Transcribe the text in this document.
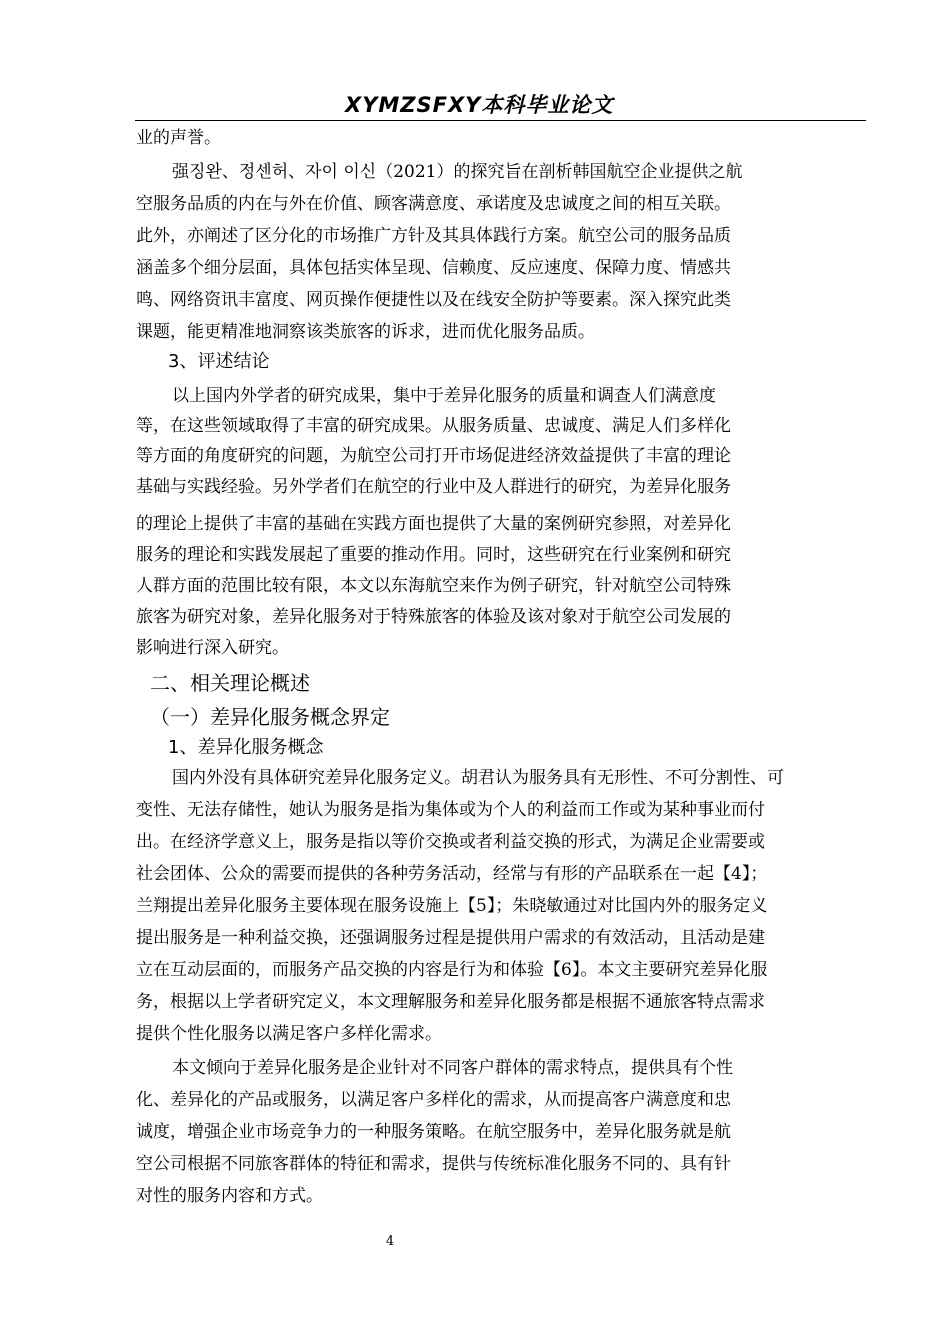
XYMZSFXY本科毕业论文
业的声誉。
强징완、정센허、자이 이신（2021）的探究旨在剖析韩国航空企业提供之航
空服务品质的内在与外在价值、顾客满意度、承诺度及忠诚度之间的相互关联。
此外，亦阐述了区分化的市场推广方针及其具体践行方案。航空公司的服务品质
涵盖多个细分层面，具体包括实体呈现、信赖度、反应速度、保障力度、情感共
鸣、网络资讯丰富度、网页操作便捷性以及在线安全防护等要素。深入探究此类
课题，能更精准地洞察该类旅客的诉求，进而优化服务品质。
3、评述结论
以上国内外学者的研究成果，集中于差异化服务的质量和调查人们满意度
等，在这些领域取得了丰富的研究成果。从服务质量、忠诚度、满足人们多样化
等方面的角度研究的问题，为航空公司打开市场促进经济效益提供了丰富的理论
基础与实践经验。另外学者们在航空的行业中及人群进行的研究，为差异化服务
的理论上提供了丰富的基础在实践方面也提供了大量的案例研究参照，对差异化
服务的理论和实践发展起了重要的推动作用。同时，这些研究在行业案例和研究
人群方面的范围比较有限，本文以东海航空来作为例子研究，针对航空公司特殊
旅客为研究对象，差异化服务对于特殊旅客的体验及该对象对于航空公司发展的
影响进行深入研究。
二、相关理论概述
（一）差异化服务概念界定
1、差异化服务概念
国内外没有具体研究差异化服务定义。胡君认为服务具有无形性、不可分割性、可
变性、无法存储性，她认为服务是指为集体或为个人的利益而工作或为某种事业而付
出。在经济学意义上，服务是指以等价交换或者利益交换的形式，为满足企业需要或
社会团体、公众的需要而提供的各种劳务活动，经常与有形的产品联系在一起【4】；
兰翔提出差异化服务主要体现在服务设施上【5】；朱晓敏通过对比国内外的服务定义
提出服务是一种利益交换，还强调服务过程是提供用户需求的有效活动，且活动是建
立在互动层面的，而服务产品交换的内容是行为和体验【6】。本文主要研究差异化服
务，根据以上学者研究定义，本文理解服务和差异化服务都是根据不通旅客特点需求
提供个性化服务以满足客户多样化需求。
本文倾向于差异化服务是企业针对不同客户群体的需求特点，提供具有个性
化、差异化的产品或服务，以满足客户多样化的需求，从而提高客户满意度和忠
诚度，增强企业市场竞争力的一种服务策略。在航空服务中，差异化服务就是航
空公司根据不同旅客群体的特征和需求，提供与传统标准化服务不同的、具有针
对性的服务内容和方式。
4
